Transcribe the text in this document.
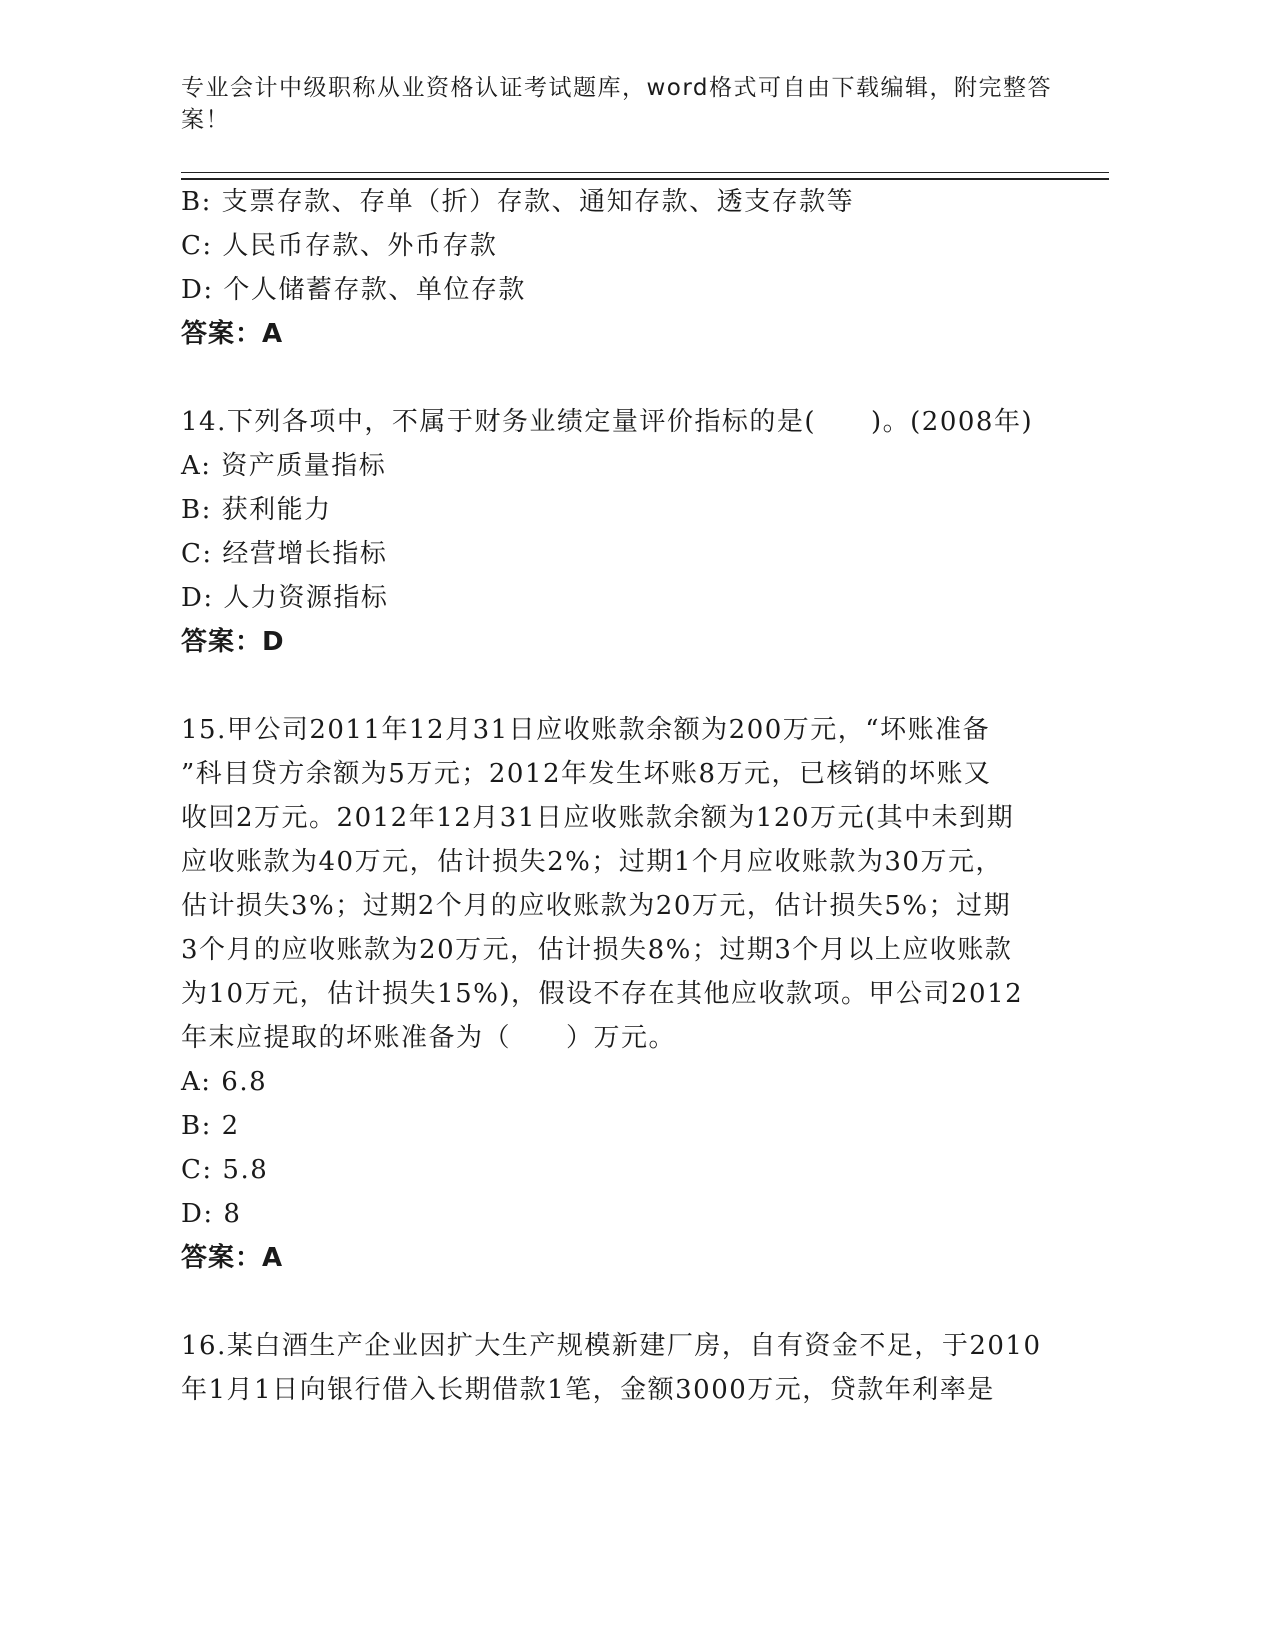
专业会计中级职称从业资格认证考试题库，word格式可自由下载编辑，附完整答案！
B: 支票存款、存单（折）存款、通知存款、透支存款等
C: 人民币存款、外币存款
D: 个人储蓄存款、单位存款
答案：A
14.下列各项中，不属于财务业绩定量评价指标的是(　　)。(2008年)
A: 资产质量指标
B: 获利能力
C: 经营增长指标
D: 人力资源指标
答案：D
15.甲公司2011年12月31日应收账款余额为200万元，“坏账准备
”科目贷方余额为5万元；2012年发生坏账8万元，已核销的坏账又
收回2万元。2012年12月31日应收账款余额为120万元(其中未到期
应收账款为40万元，估计损失2%；过期1个月应收账款为30万元，
估计损失3%；过期2个月的应收账款为20万元，估计损失5%；过期
3个月的应收账款为20万元，估计损失8%；过期3个月以上应收账款
为10万元，估计损失15%)，假设不存在其他应收款项。甲公司2012
年末应提取的坏账准备为（　　）万元。
A: 6.8
B: 2
C: 5.8
D: 8
答案：A
16.某白酒生产企业因扩大生产规模新建厂房，自有资金不足，于2010
年1月1日向银行借入长期借款1笔，金额3000万元，贷款年利率是
